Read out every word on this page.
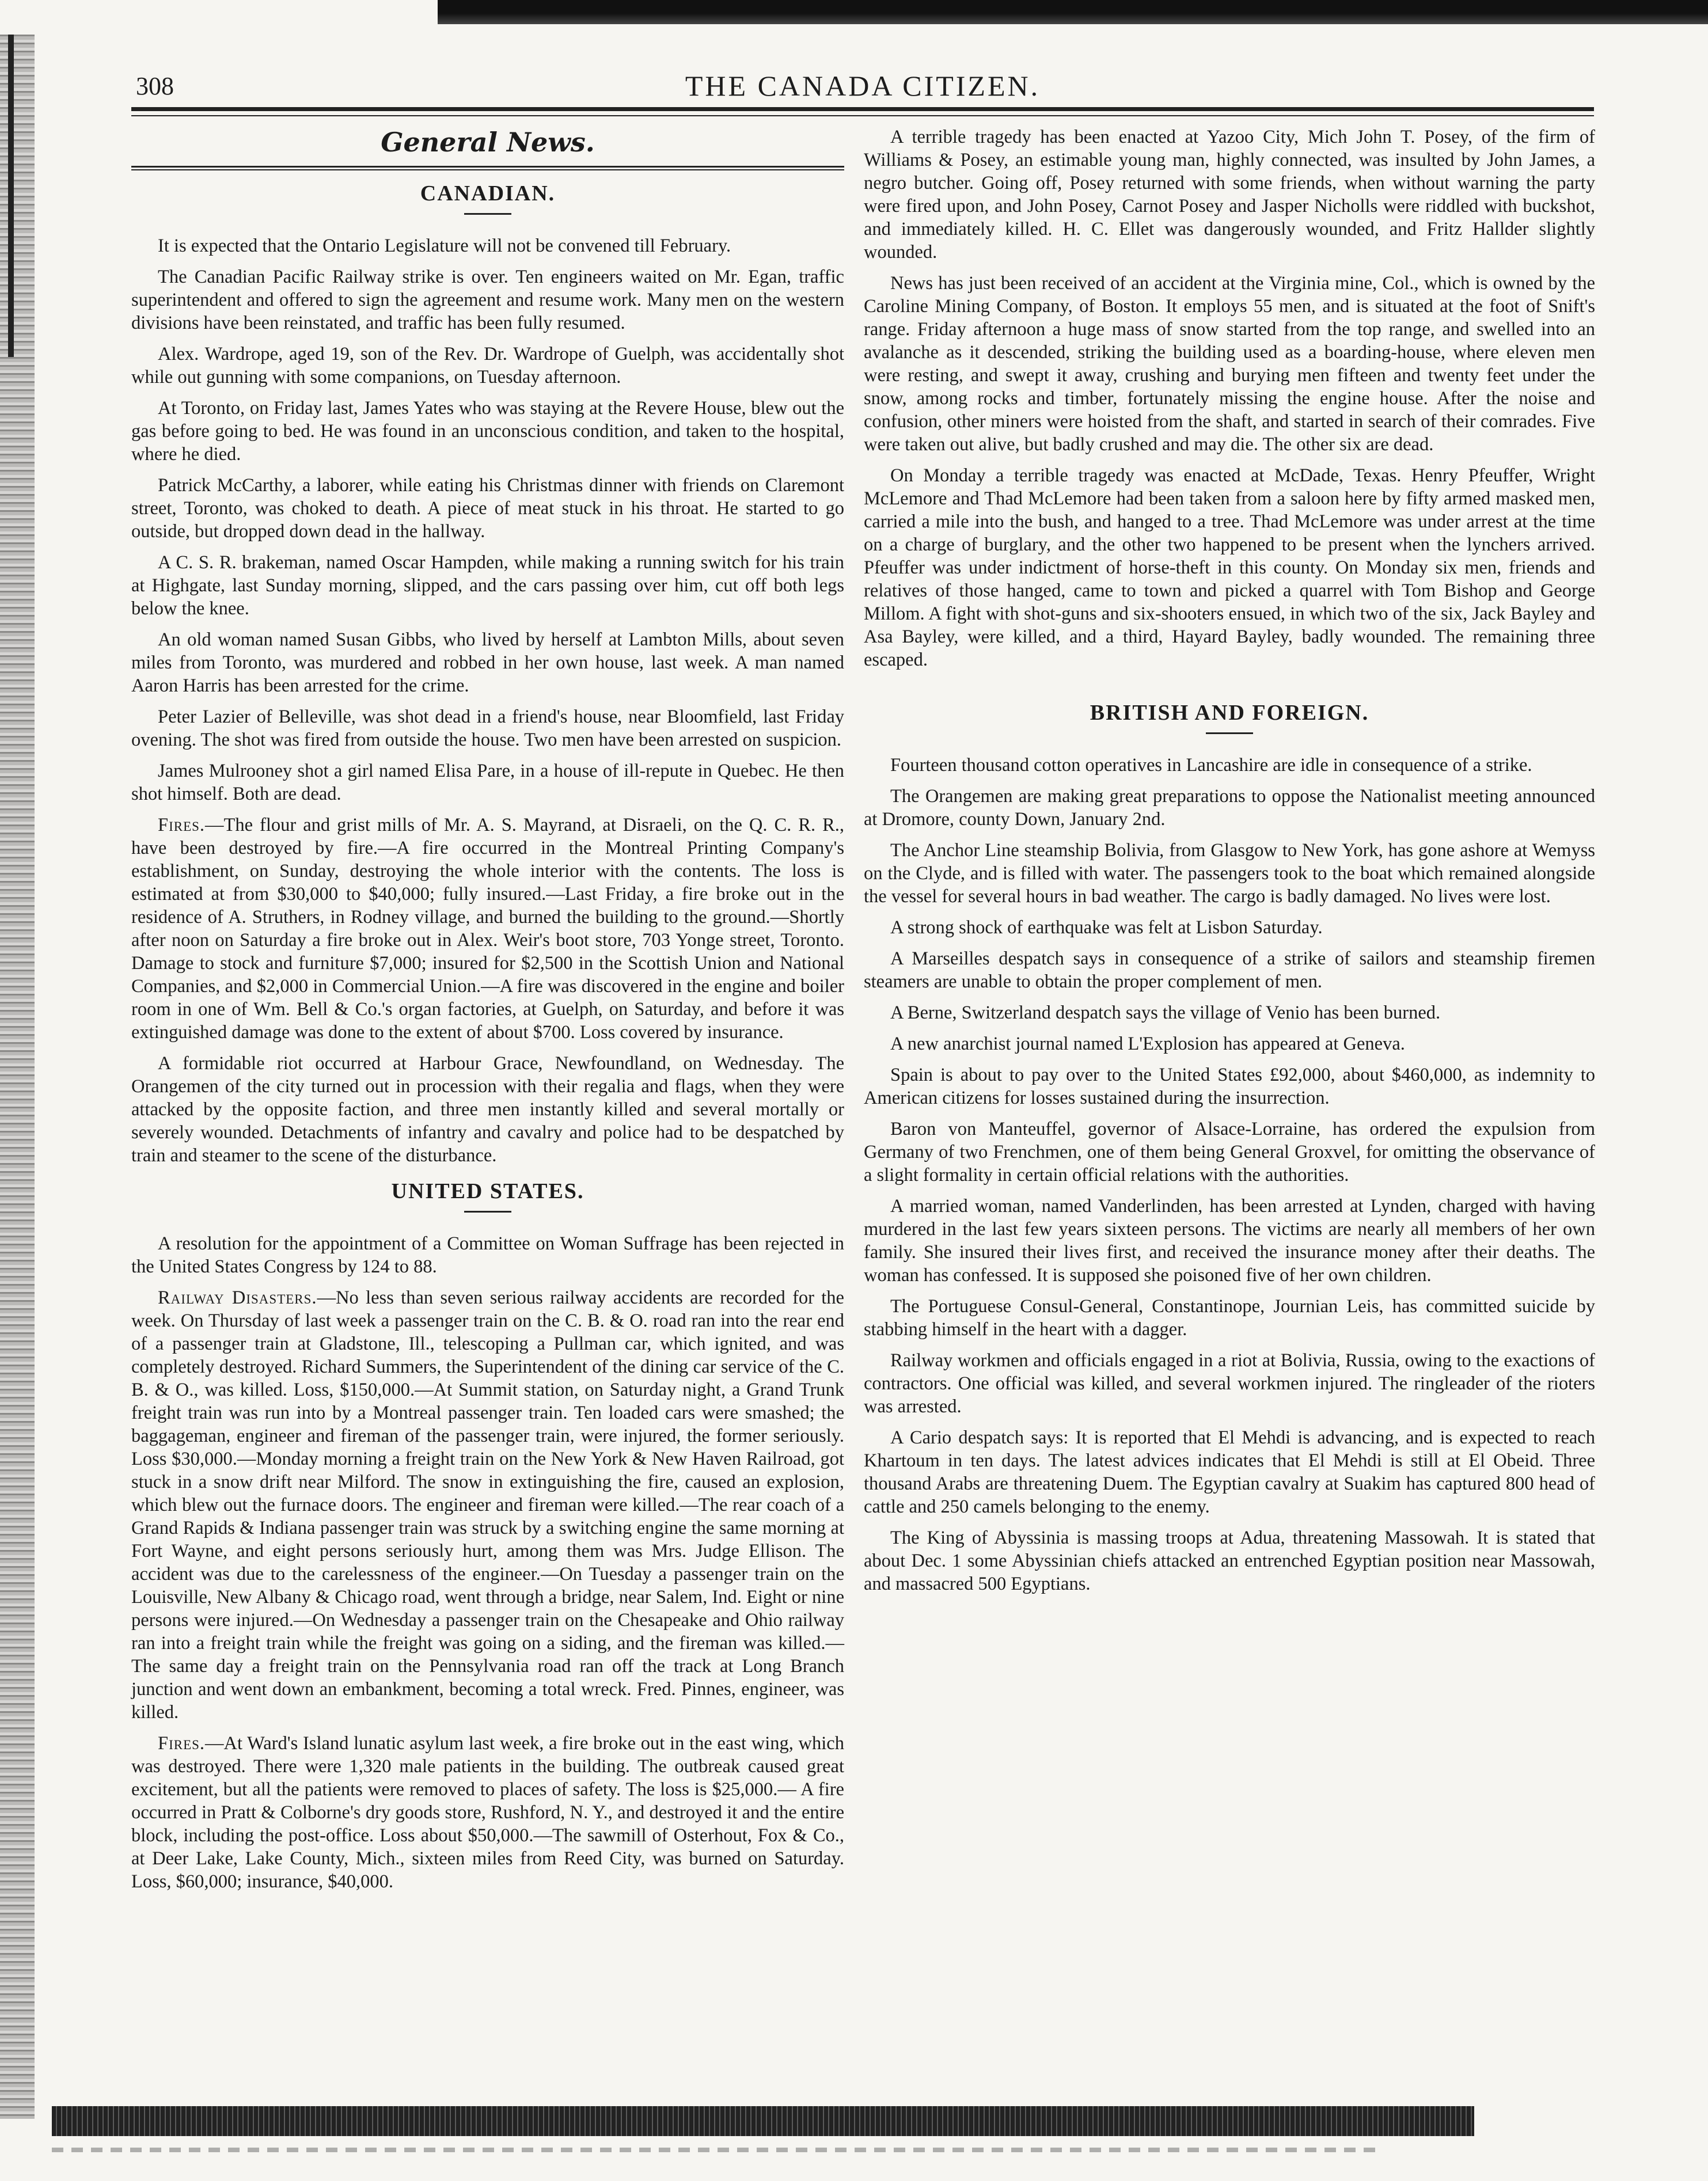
308	THE CANADA CITIZEN.
General News.
CANADIAN.

It is expected that the Ontario Legislature will not be convened till February.

The Canadian Pacific Railway strike is over. Ten engineers waited on Mr. Egan, traffic superintendent and offered to sign the agreement and resume work. Many men on the western divisions have been reinstated, and traffic has been fully resumed.

Alex. Wardrope, aged 19, son of the Rev. Dr. Wardrope of Guelph, was accidentally shot while out gunning with some companions, on Tuesday afternoon.

At Toronto, on Friday last, James Yates who was staying at the Revere House, blew out the gas before going to bed. He was found in an unconscious condition, and taken to the hospital, where he died.

Patrick McCarthy, a laborer, while eating his Christmas dinner with friends on Claremont street, Toronto, was choked to death. A piece of meat stuck in his throat. He started to go outside, but dropped down dead in the hallway.

A C. S. R. brakeman, named Oscar Hampden, while making a running switch for his train at Highgate, last Sunday morning, slipped, and the cars passing over him, cut off both legs below the knee.

An old woman named Susan Gibbs, who lived by herself at Lambton Mills, about seven miles from Toronto, was murdered and robbed in her own house, last week. A man named Aaron Harris has been arrested for the crime.

Peter Lazier of Belleville, was shot dead in a friend's house, near Bloomfield, last Friday ovening. The shot was fired from outside the house. Two men have been arrested on suspicion.

James Mulrooney shot a girl named Elisa Pare, in a house of ill-repute in Quebec. He then shot himself. Both are dead.

Fires.—The flour and grist mills of Mr. A. S. Mayrand, at Disraeli, on the Q. C. R. R., have been destroyed by fire.—A fire occurred in the Montreal Printing Company's establishment, on Sunday, destroying the whole interior with the contents. The loss is estimated at from $30,000 to $40,000; fully insured.—Last Friday, a fire broke out in the residence of A. Struthers, in Rodney village, and burned the building to the ground.—Shortly after noon on Saturday a fire broke out in Alex. Weir's boot store, 703 Yonge street, Toronto. Damage to stock and furniture $7,000; insured for $2,500 in the Scottish Union and National Companies, and $2,000 in Commercial Union.—A fire was discovered in the engine and boiler room in one of Wm. Bell & Co.'s organ factories, at Guelph, on Saturday, and before it was extinguished damage was done to the extent of about $700. Loss covered by insurance.

A formidable riot occurred at Harbour Grace, Newfoundland, on Wednesday. The Orangemen of the city turned out in procession with their regalia and flags, when they were attacked by the opposite faction, and three men instantly killed and several mortally or severely wounded. Detachments of infantry and cavalry and police had to be despatched by train and steamer to the scene of the disturbance.

UNITED STATES.

A resolution for the appointment of a Committee on Woman Suffrage has been rejected in the United States Congress by 124 to 88.

Railway Disasters.—No less than seven serious railway accidents are recorded for the week. On Thursday of last week a passenger train on the C. B. & O. road ran into the rear end of a passenger train at Gladstone, Ill., telescoping a Pullman car, which ignited, and was completely destroyed. Richard Summers, the Superintendent of the dining car service of the C. B. & O., was killed. Loss, $150,000.—At Summit station, on Saturday night, a Grand Trunk freight train was run into by a Montreal passenger train. Ten loaded cars were smashed; the baggageman, engineer and fireman of the passenger train, were injured, the former seriously. Loss $30,000.—Monday morning a freight train on the New York & New Haven Railroad, got stuck in a snow drift near Milford. The snow in extinguishing the fire, caused an explosion, which blew out the furnace doors. The engineer and fireman were killed.—The rear coach of a Grand Rapids & Indiana passenger train was struck by a switching engine the same morning at Fort Wayne, and eight persons seriously hurt, among them was Mrs. Judge Ellison. The accident was due to the carelessness of the engineer.—On Tuesday a passenger train on the Louisville, New Albany & Chicago road, went through a bridge, near Salem, Ind. Eight or nine persons were injured.—On Wednesday a passenger train on the Chesapeake and Ohio railway ran into a freight train while the freight was going on a siding, and the fireman was killed.—The same day a freight train on the Pennsylvania road ran off the track at Long Branch junction and went down an embankment, becoming a total wreck. Fred. Pinnes, engineer, was killed.

Fires.—At Ward's Island lunatic asylum last week, a fire broke out in the east wing, which was destroyed. There were 1,320 male patients in the building. The outbreak caused great excitement, but all the patients were removed to places of safety. The loss is $25,000.— A fire occurred in Pratt & Colborne's dry goods store, Rushford, N. Y., and destroyed it and the entire block, including the post-office. Loss about $50,000.—The sawmill of Osterhout, Fox & Co., at Deer Lake, Lake County, Mich., sixteen miles from Reed City, was burned on Saturday. Loss, $60,000; insurance, $40,000.

A terrible tragedy has been enacted at Yazoo City, Mich John T. Posey, of the firm of Williams & Posey, an estimable young man, highly connected, was insulted by John James, a negro butcher. Going off, Posey returned with some friends, when without warning the party were fired upon, and John Posey, Carnot Posey and Jasper Nicholls were riddled with buckshot, and immediately killed. H. C. Ellet was dangerously wounded, and Fritz Hallder slightly wounded.

News has just been received of an accident at the Virginia mine, Col., which is owned by the Caroline Mining Company, of Boston. It employs 55 men, and is situated at the foot of Snift's range. Friday afternoon a huge mass of snow started from the top range, and swelled into an avalanche as it descended, striking the building used as a boarding-house, where eleven men were resting, and swept it away, crushing and burying men fifteen and twenty feet under the snow, among rocks and timber, fortunately missing the engine house. After the noise and confusion, other miners were hoisted from the shaft, and started in search of their comrades. Five were taken out alive, but badly crushed and may die. The other six are dead.

On Monday a terrible tragedy was enacted at McDade, Texas. Henry Pfeuffer, Wright McLemore and Thad McLemore had been taken from a saloon here by fifty armed masked men, carried a mile into the bush, and hanged to a tree. Thad McLemore was under arrest at the time on a charge of burglary, and the other two happened to be present when the lynchers arrived. Pfeuffer was under indictment of horse-theft in this county. On Monday six men, friends and relatives of those hanged, came to town and picked a quarrel with Tom Bishop and George Millom. A fight with shot-guns and six-shooters ensued, in which two of the six, Jack Bayley and Asa Bayley, were killed, and a third, Hayard Bayley, badly wounded. The remaining three escaped.

BRITISH AND FOREIGN.

Fourteen thousand cotton operatives in Lancashire are idle in consequence of a strike.

The Orangemen are making great preparations to oppose the Nationalist meeting announced at Dromore, county Down, January 2nd.

The Anchor Line steamship Bolivia, from Glasgow to New York, has gone ashore at Wemyss on the Clyde, and is filled with water. The passengers took to the boat which remained alongside the vessel for several hours in bad weather. The cargo is badly damaged. No lives were lost.

A strong shock of earthquake was felt at Lisbon Saturday.

A Marseilles despatch says in consequence of a strike of sailors and steamship firemen steamers are unable to obtain the proper complement of men.

A Berne, Switzerland despatch says the village of Venio has been burned.

A new anarchist journal named L'Explosion has appeared at Geneva.

Spain is about to pay over to the United States £92,000, about $460,000, as indemnity to American citizens for losses sustained during the insurrection.

Baron von Manteuffel, governor of Alsace-Lorraine, has ordered the expulsion from Germany of two Frenchmen, one of them being General Groxvel, for omitting the observance of a slight formality in certain official relations with the authorities.

A married woman, named Vanderlinden, has been arrested at Lynden, charged with having murdered in the last few years sixteen persons. The victims are nearly all members of her own family. She insured their lives first, and received the insurance money after their deaths. The woman has confessed. It is supposed she poisoned five of her own children.

The Portuguese Consul-General, Constantinope, Journian Leis, has committed suicide by stabbing himself in the heart with a dagger.

Railway workmen and officials engaged in a riot at Bolivia, Russia, owing to the exactions of contractors. One official was killed, and several workmen injured. The ringleader of the rioters was arrested.

A Cario despatch says: It is reported that El Mehdi is advancing, and is expected to reach Khartoum in ten days. The latest advices indicates that El Mehdi is still at El Obeid. Three thousand Arabs are threatening Duem. The Egyptian cavalry at Suakim has captured 800 head of cattle and 250 camels belonging to the enemy.

The King of Abyssinia is massing troops at Adua, threatening Massowah. It is stated that about Dec. 1 some Abyssinian chiefs attacked an entrenched Egyptian position near Massowah, and massacred 500 Egyptians.
